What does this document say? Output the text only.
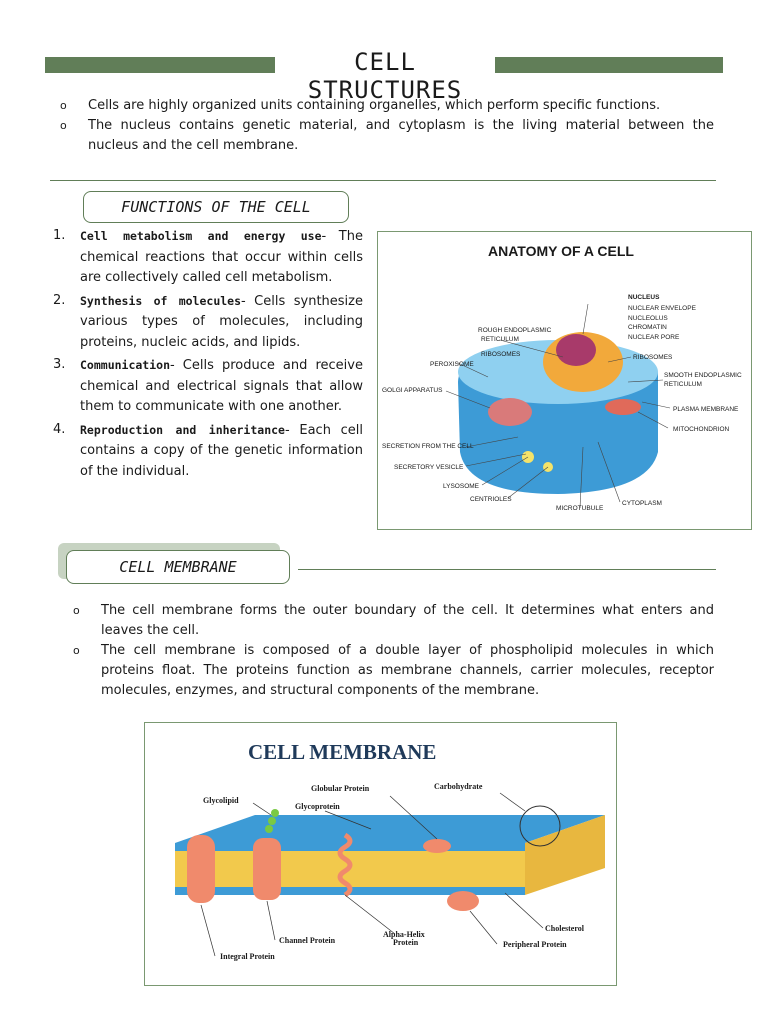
CELL STRUCTURES
o Cells are highly organized units containing organelles, which perform specific functions.
o The nucleus contains genetic material, and cytoplasm is the living material between the nucleus and the cell membrane.
FUNCTIONS OF THE CELL
1. Cell metabolism and energy use- The chemical reactions that occur within cells are collectively called cell metabolism.
2. Synthesis of molecules- Cells synthesize various types of molecules, including proteins, nucleic acids, and lipids.
3. Communication- Cells produce and receive chemical and electrical signals that allow them to communicate with one another.
4. Reproduction and inheritance- Each cell contains a copy of the genetic information of the individual.
ANATOMY OF A CELL
NUCLEUS
NUCLEAR ENVELOPE
NUCLEOLUS
CHROMATIN
NUCLEAR PORE
ROUGH ENDOPLASMIC
RETICULUM
RIBOSOMES	RIBOSOMES
PEROXISOME
SMOOTH ENDOPLASMIC
RETICULUM
GOLGI APPARATUS
PLASMA MEMBRANE
MITOCHONDRION
SECRETION FROM THE CELL
SECRETORY VESICLE
LYSOSOME
CENTRIOLES
MICROTUBULE
CYTOPLASM
CELL MEMBRANE
o The cell membrane forms the outer boundary of the cell. It determines what enters and leaves the cell.
o The cell membrane is composed of a double layer of phospholipid molecules in which proteins float. The proteins function as membrane channels, carrier molecules, receptor molecules, enzymes, and structural components of the membrane.
CELL MEMBRANE
Globular Protein	Carbohydrate
Glycolipid
Glycoprotein
Cholesterol
Channel Protein
Alpha-Helix
Protein	Peripheral Protein
Integral Protein
